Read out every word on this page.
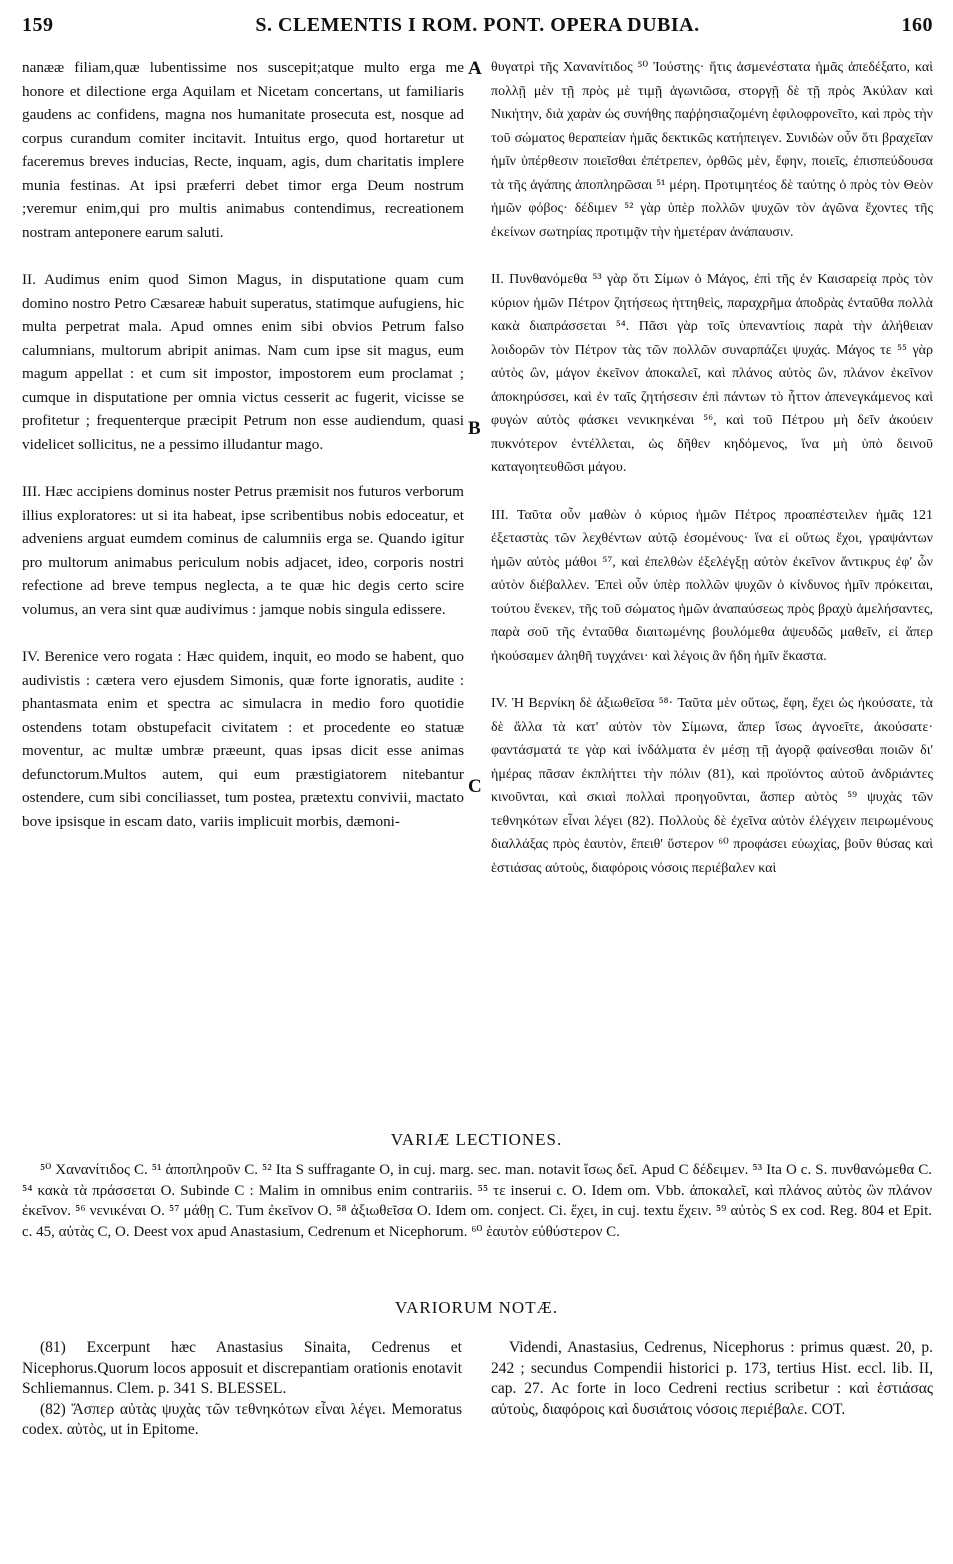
159	S. CLEMENTIS I ROM. PONT. OPERA DUBIA.	160

nanææ filiam,quæ lubentissime nos suscepit;atque multo erga me honore et dilectione erga Aquilam et Nicetam concertans, ut familiaris gaudens ac confidens, magna nos humanitate prosecuta est, nosque ad corpus curandum comiter incitavit. Intuitus ergo, quod hortaretur ut faceremus breves inducias, Recte, inquam, agis, dum charitatis implere munia festinas. At ipsi præferri debet timor erga Deum nostrum ;veremur enim,qui pro multis animabus contendimus, recreationem nostram anteponere earum saluti.

II. Audimus enim quod Simon Magus, in disputatione quam cum domino nostro Petro Cæsareæ habuit superatus, statimque aufugiens, hic multa perpetrat mala. Apud omnes enim sibi obvios Petrum falso calumnians, multorum abripit animas. Nam cum ipse sit magus, eum magum appellat : et cum sit impostor, impostorem eum proclamat ; cumque in disputatione per omnia victus cesserit ac fugerit, vicisse se profitetur ; frequenterque præcipit Petrum non esse audiendum, quasi videlicet sollicitus, ne a pessimo illudantur mago.

III. Hæc accipiens dominus noster Petrus præmisit nos futuros verborum illius exploratores: ut si ita habeat, ipse scribentibus nobis edoceatur, et adveniens arguat eumdem cominus de calumniis erga se. Quando igitur pro multorum animabus periculum nobis adjacet, ideo, corporis nostri refectione ad breve tempus neglecta, a te quæ hic degis certo scire volumus, an vera sint quæ audivimus : jamque nobis singula edissere.

IV. Berenice vero rogata : Hæc quidem, inquit, eo modo se habent, quo audivistis : cætera vero ejusdem Simonis, quæ forte ignoratis, audite : phantasmata enim et spectra ac simulacra in medio foro quotidie ostendens totam obstupefacit civitatem : et procedente eo statuæ moventur, ac multæ umbræ præeunt, quas ipsas dicit esse animas defunctorum.Multos autem, qui eum præstigiatorem nitebantur ostendere, cum sibi conciliasset, tum postea, prætextu convivii, mactato bove ipsisque in escam dato, variis implicuit morbis, dæmoni-

A
B
C

θυγατρὶ τῆς Χανανίτιδος ⁵⁰ Ἰούστης· ἥτις ἀσμενέστατα ἡμᾶς ἀπεδέξατο, καὶ πολλῇ μὲν τῇ πρὸς μὲ τιμῇ ἀγωνιῶσα, στοργῇ δὲ τῇ πρὸς Ἀκύλαν καὶ Νικήτην, διὰ χαρὰν ὡς συνήθης παῤῥησιαζομένη ἐφιλοφρονεῖτο, καὶ πρὸς τὴν τοῦ σώματος θεραπείαν ἡμᾶς δεκτικῶς κατήπειγεν. Συνιδὼν οὖν ὅτι βραχεῖαν ἡμῖν ὑπέρθεσιν ποιεῖσθαι ἐπέτρεπεν, ὀρθῶς μὲν, ἔφην, ποιεῖς, ἐπισπεύδουσα τὰ τῆς ἀγάπης ἀποπληρῶσαι ⁵¹ μέρη. Προτιμητέος δὲ ταύτης ὁ πρὸς τὸν Θεὸν ἡμῶν φόβος· δέδιμεν ⁵² γὰρ ὑπὲρ πολλῶν ψυχῶν τὸν ἀγῶνα ἔχοντες τῆς ἐκείνων σωτηρίας προτιμᾷν τὴν ἡμετέραν ἀνάπαυσιν.

II. Πυνθανόμεθα ⁵³ γὰρ ὅτι Σίμων ὁ Μάγος, ἐπὶ τῆς ἐν Καισαρείᾳ πρὸς τὸν κύριον ἡμῶν Πέτρον ζητήσεως ἡττηθεὶς, παραχρῆμα ἀποδρὰς ἐνταῦθα πολλὰ κακὰ διαπράσσεται ⁵⁴. Πᾶσι γὰρ τοῖς ὑπεναντίοις παρὰ τὴν ἀλήθειαν λοιδορῶν τὸν Πέτρον τὰς τῶν πολλῶν συναρπάζει ψυχάς. Μάγος τε ⁵⁵ γὰρ αὐτὸς ὢν, μάγον ἐκεῖνον ἀποκαλεῖ, καὶ πλάνος αὐτὸς ὢν, πλάνον ἐκεῖνον ἀποκηρύσσει, καὶ ἐν ταῖς ζητήσεσιν ἐπὶ πάντων τὸ ἧττον ἀπενεγκάμενος καὶ φυγὼν αὐτὸς φάσκει νενικηκέναι ⁵⁶, καὶ τοῦ Πέτρου μὴ δεῖν ἀκούειν πυκνότερον ἐντέλλεται, ὡς δῆθεν κηδόμενος, ἵνα μὴ ὑπὸ δεινοῦ καταγοητευθῶσι μάγου.

III. Ταῦτα οὖν μαθὼν ὁ κύριος ἡμῶν Πέτρος προαπέστειλεν ἡμᾶς 121 ἐξεταστὰς τῶν λεχθέντων αὐτῷ ἐσομένους· ἵνα εἰ οὕτως ἔχοι, γραψάντων ἡμῶν αὐτὸς μάθοι ⁵⁷, καὶ ἐπελθὼν ἐξελέγξῃ αὐτὸν ἐκεῖνον ἄντικρυς ἐφ' ὧν αὐτὸν διέβαλλεν. Ἐπεὶ οὖν ὑπὲρ πολλῶν ψυχῶν ὁ κίνδυνος ἡμῖν πρόκειται, τούτου ἕνεκεν, τῆς τοῦ σώματος ἡμῶν ἀναπαύσεως πρὸς βραχὺ ἀμελήσαντες, παρὰ σοῦ τῆς ἐνταῦθα διαιτωμένης βουλόμεθα ἀψευδῶς μαθεῖν, εἰ ἅπερ ἠκούσαμεν ἀληθῆ τυγχάνει· καὶ λέγοις ἂν ἤδη ἡμῖν ἕκαστα.

IV. Ἡ Βερνίκη δὲ ἀξιωθεῖσα ⁵⁸· Ταῦτα μὲν οὕτως, ἔφη, ἔχει ὡς ἠκούσατε, τὰ δὲ ἄλλα τὰ κατ' αὐτὸν τὸν Σίμωνα, ἅπερ ἴσως ἀγνοεῖτε, ἀκούσατε· φαντάσματά τε γὰρ καὶ ἰνδάλματα ἐν μέσῃ τῇ ἀγορᾷ φαίνεσθαι ποιῶν δι' ἡμέρας πᾶσαν ἐκπλήττει τὴν πόλιν (81), καὶ προϊόντος αὐτοῦ ἀνδριάντες κινοῦνται, καὶ σκιαὶ πολλαὶ προηγοῦνται, ἅσπερ αὐτὸς ⁵⁹ ψυχὰς τῶν τεθνηκότων εἶναι λέγει (82). Πολλοὺς δὲ ἐχεῖνα αὐτὸν ἐλέγχειν πειρωμένους διαλλάξας πρὸς ἑαυτὸν, ἔπειθ' ὕστερον ⁶⁰ προφάσει εὐωχίας, βοῦν θύσας καὶ ἑστιάσας αὐτοὺς, διαφόροις νόσοις περιέβαλεν καὶ

VARIÆ LECTIONES.

⁵⁰ Χανανίτιδος C. ⁵¹ ἀποπληροῦν C. ⁵² Ita S suffragante O, in cuj. marg. sec. man. notavit ἴσως δεῖ. Apud C δέδειμεν. ⁵³ Ita O c. S. πυνθανώμεθα C. ⁵⁴ κακὰ τὰ πράσσεται O. Subinde C : Malim in omnibus enim contrariis. ⁵⁵ τε inserui c. O. Idem om. Vbb. ἀποκαλεῖ, καὶ πλάνος αὐτὸς ὢν πλάνον ἐκεῖνον. ⁵⁶ νενικέναι O. ⁵⁷ μάθῃ C. Tum ἐκεῖνον O. ⁵⁸ ἀξιωθεῖσα O. Idem om. conject. Ci. ἔχει, in cuj. textu ἔχειν. ⁵⁹ αὐτὸς S ex cod. Reg. 804 et Epit. c. 45, αὐτὰς C, O. Deest vox apud Anastasium, Cedrenum et Nicephorum. ⁶⁰ ἑαυτὸν εὐθύστερον C.

VARIORUM NOTÆ.

(81) Excerpunt hæc Anastasius Sinaita, Cedrenus et Nicephorus.Quorum locos apposuit et discrepantiam orationis enotavit Schliemannus. Clem. p. 341 S. BLESSEL.

(82) Ἅσπερ αὐτὰς ψυχὰς τῶν τεθνηκότων εἶναι λέγει. Memoratus codex. αὐτὸς, ut in Epitome.

Videndi, Anastasius, Cedrenus, Nicephorus : primus quæst. 20, p. 242 ; secundus Compendii historici p. 173, tertius Hist. eccl. lib. II, cap. 27. Ac forte in loco Cedreni rectius scribetur : καὶ ἑστιάσας αὐτοὺς, διαφόροις καὶ δυσιάτοις νόσοις περιέβαλε. COT.
